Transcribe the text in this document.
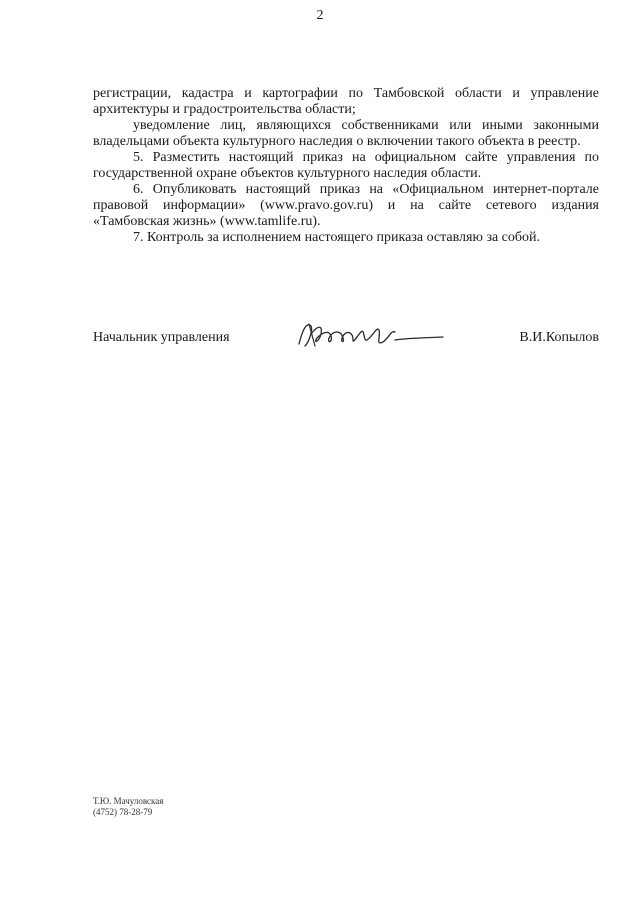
2

регистрации, кадастра и картографии по Тамбовской области и управление архитектуры и градостроительства области;

уведомление лиц, являющихся собственниками или иными законными владельцами объекта культурного наследия о включении такого объекта в реестр.

5. Разместить настоящий приказ на официальном сайте управления по государственной охране объектов культурного наследия области.

6. Опубликовать настоящий приказ на «Официальном интернет-портале правовой информации» (www.pravo.gov.ru) и на сайте сетевого издания «Тамбовская жизнь» (www.tamlife.ru).

7. Контроль за исполнением настоящего приказа оставляю за собой.

Начальник управления	В.И.Копылов
Т.Ю. Мачуловская
(4752) 78-28-79
